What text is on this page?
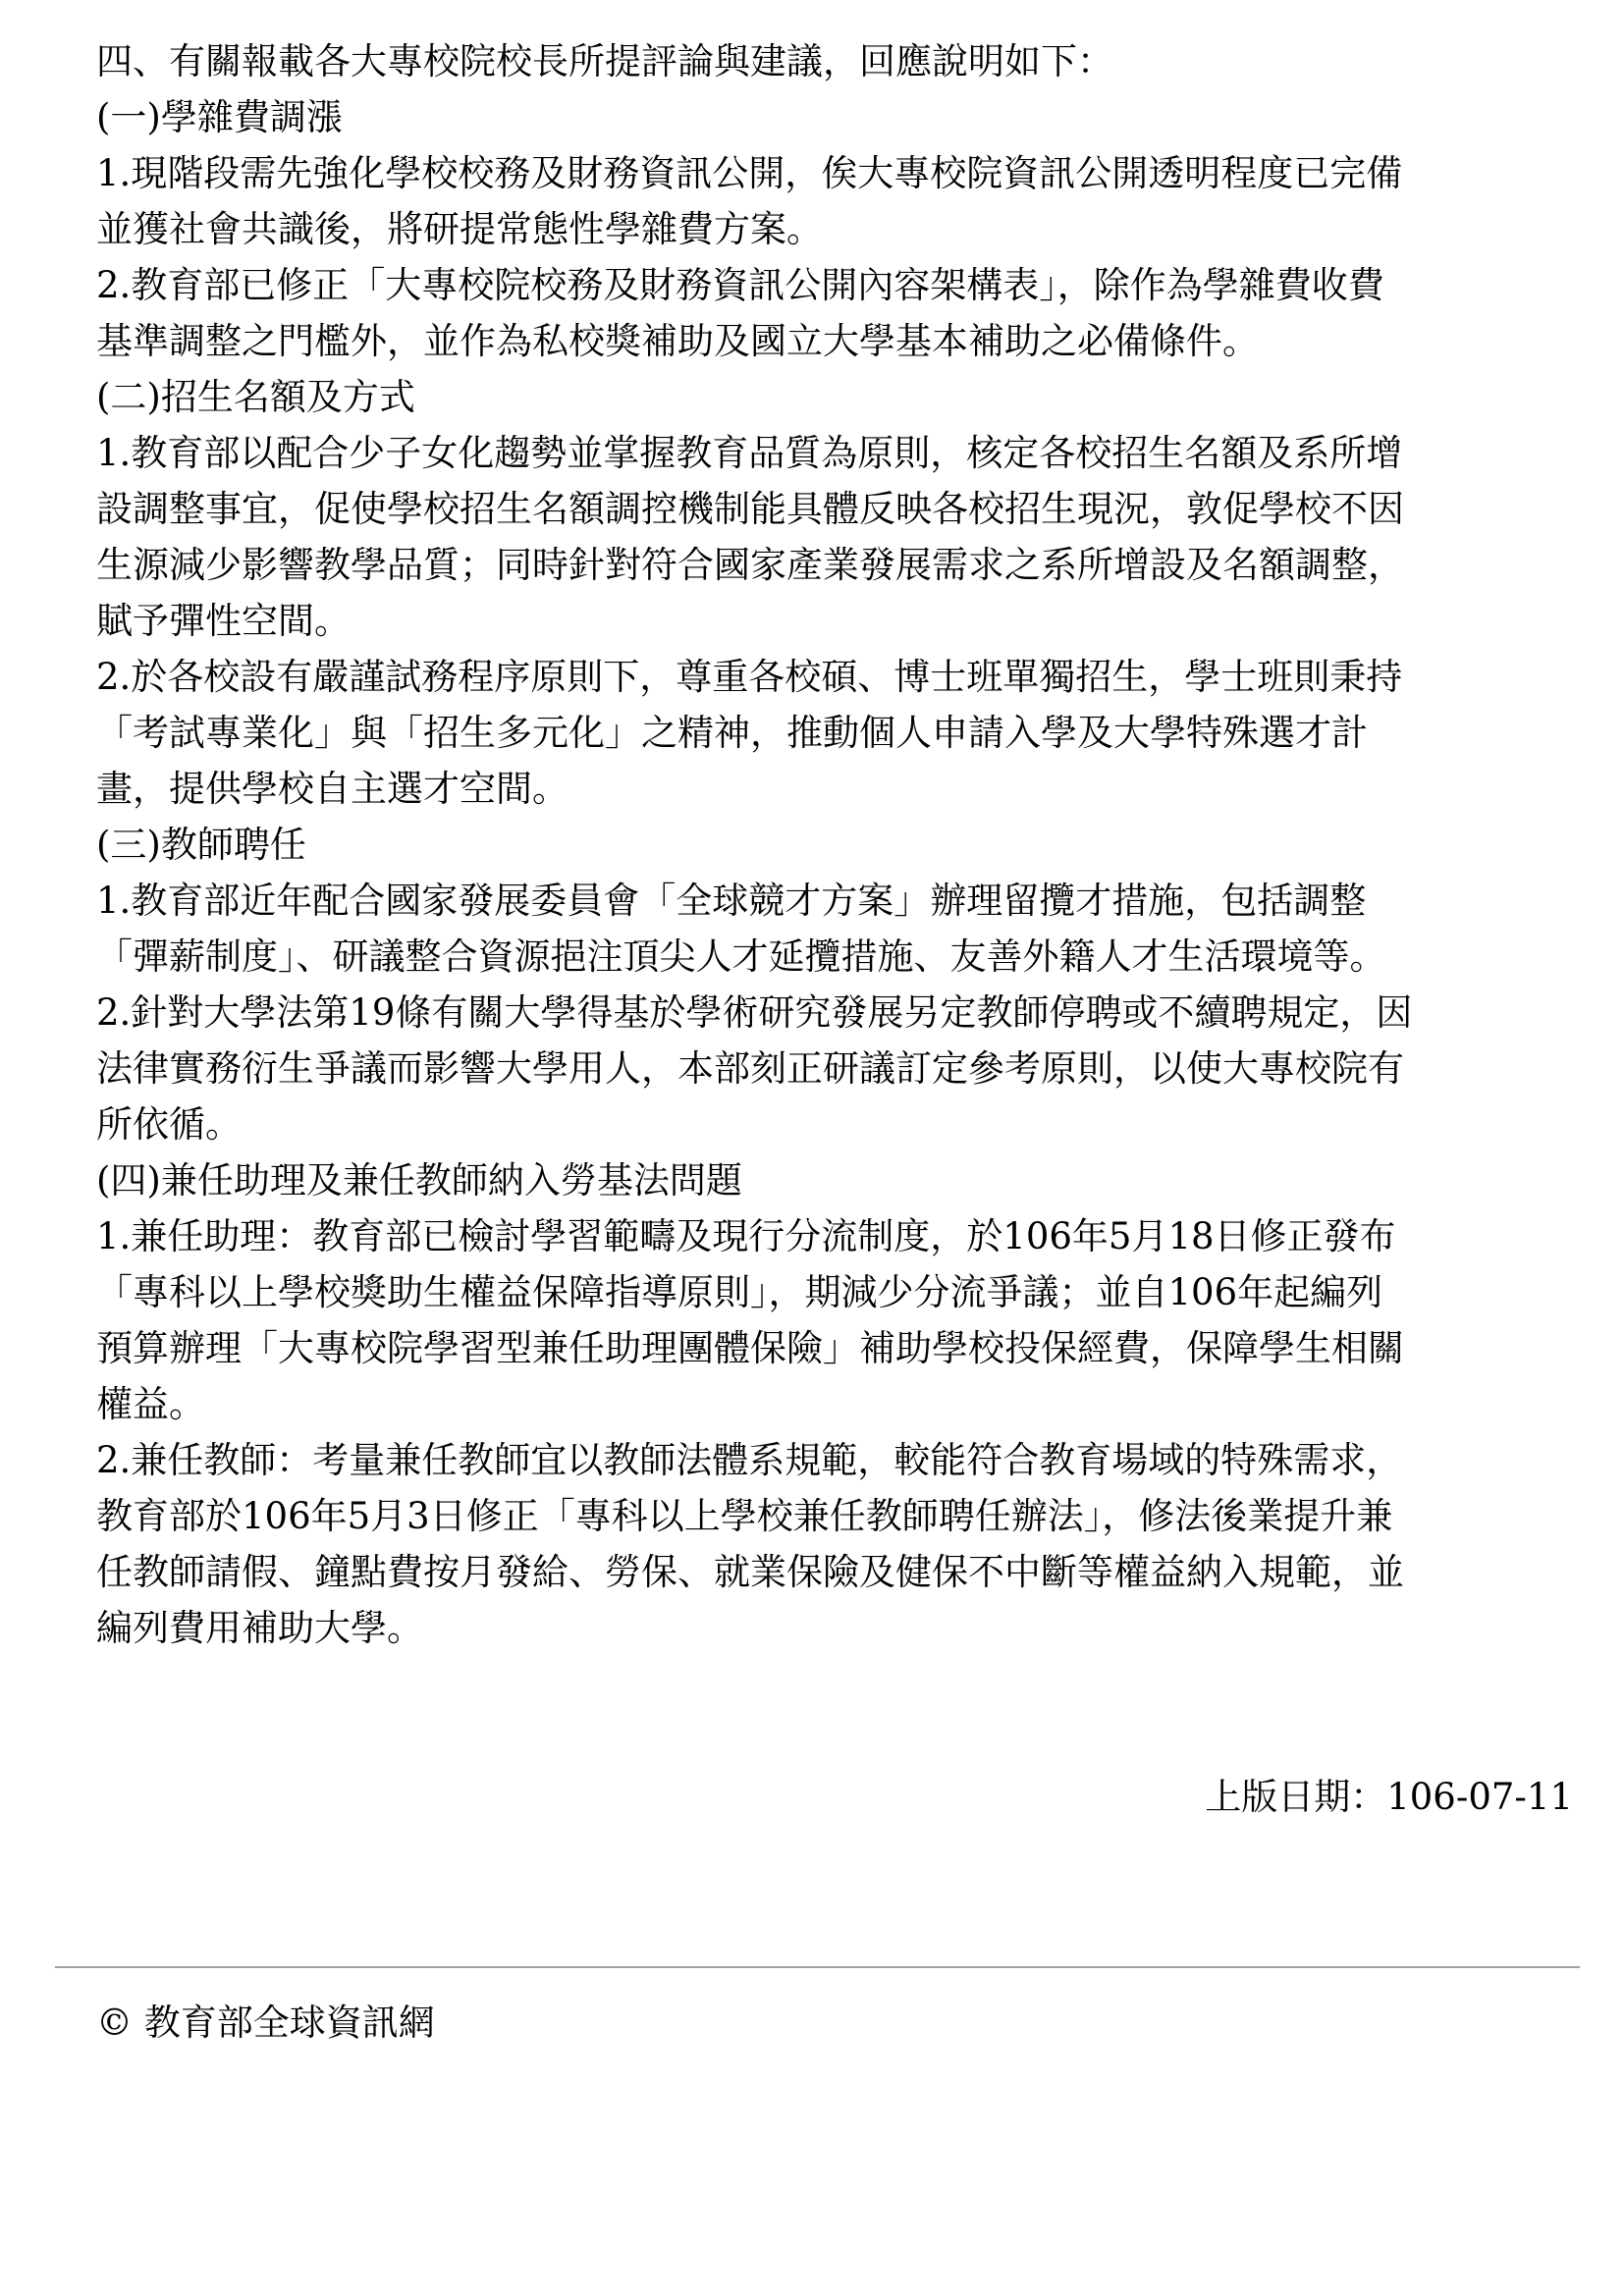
四、有關報載各大專校院校長所提評論與建議，回應說明如下：
(一)學雜費調漲
1.現階段需先強化學校校務及財務資訊公開，俟大專校院資訊公開透明程度已完備
並獲社會共識後，將研提常態性學雜費方案。
2.教育部已修正「大專校院校務及財務資訊公開內容架構表」，除作為學雜費收費
基準調整之門檻外，並作為私校獎補助及國立大學基本補助之必備條件。
(二)招生名額及方式
1.教育部以配合少子女化趨勢並掌握教育品質為原則，核定各校招生名額及系所增
設調整事宜，促使學校招生名額調控機制能具體反映各校招生現況，敦促學校不因
生源減少影響教學品質；同時針對符合國家產業發展需求之系所增設及名額調整，
賦予彈性空間。
2.於各校設有嚴謹試務程序原則下，尊重各校碩、博士班單獨招生，學士班則秉持
「考試專業化」與「招生多元化」之精神，推動個人申請入學及大學特殊選才計
畫，提供學校自主選才空間。
(三)教師聘任
1.教育部近年配合國家發展委員會「全球競才方案」辦理留攬才措施，包括調整
「彈薪制度」、研議整合資源挹注頂尖人才延攬措施、友善外籍人才生活環境等。
2.針對大學法第19條有關大學得基於學術研究發展另定教師停聘或不續聘規定，因
法律實務衍生爭議而影響大學用人，本部刻正研議訂定參考原則，以使大專校院有
所依循。
(四)兼任助理及兼任教師納入勞基法問題
1.兼任助理：教育部已檢討學習範疇及現行分流制度，於106年5月18日修正發布
「專科以上學校獎助生權益保障指導原則」，期減少分流爭議；並自106年起編列
預算辦理「大專校院學習型兼任助理團體保險」補助學校投保經費，保障學生相關
權益。
2.兼任教師：考量兼任教師宜以教師法體系規範，較能符合教育場域的特殊需求，
教育部於106年5月3日修正「專科以上學校兼任教師聘任辦法」，修法後業提升兼
任教師請假、鐘點費按月發給、勞保、就業保險及健保不中斷等權益納入規範，並
編列費用補助大學。
上版日期：106-07-11
© 教育部全球資訊網
